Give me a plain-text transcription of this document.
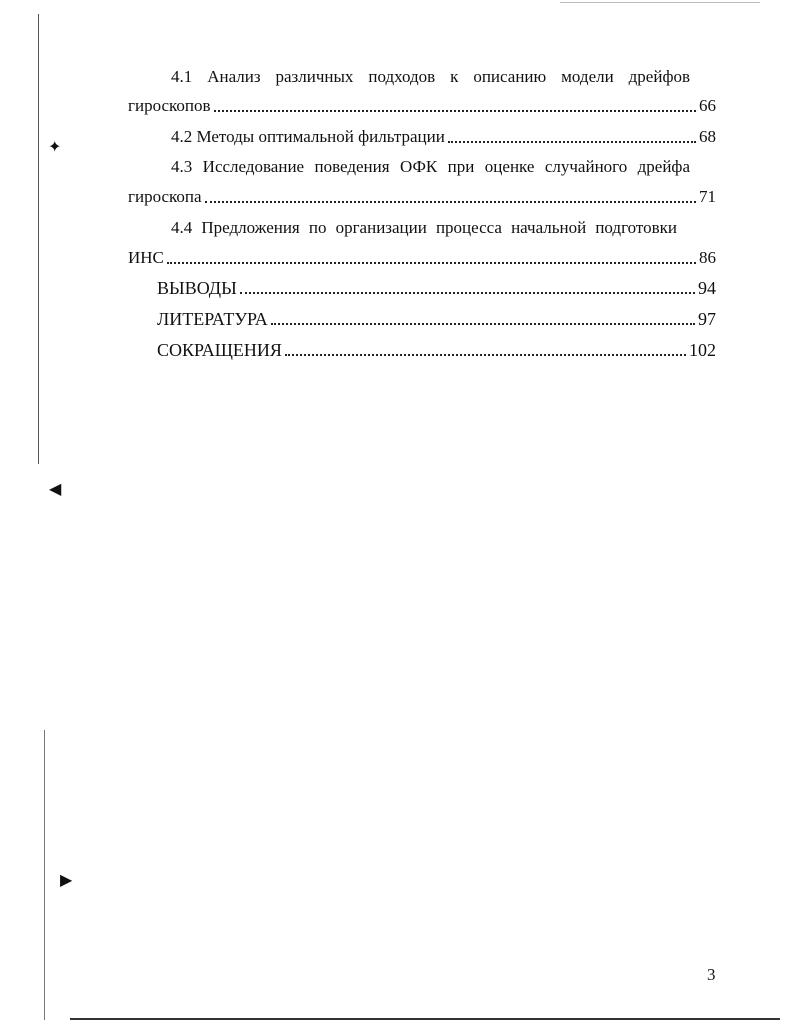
✦
◀
▶
4.1 Анализ различных подходов к описанию модели дрейфов
гироскопов	66
4.2 Методы оптимальной фильтрации	68
4.3 Исследование поведения ОФК при оценке случайного дрейфа
гироскопа	71
4.4 Предложения по организации процесса начальной подготовки
ИНС	86
ВЫВОДЫ	94
ЛИТЕРАТУРА	97
СОКРАЩЕНИЯ	102
3
